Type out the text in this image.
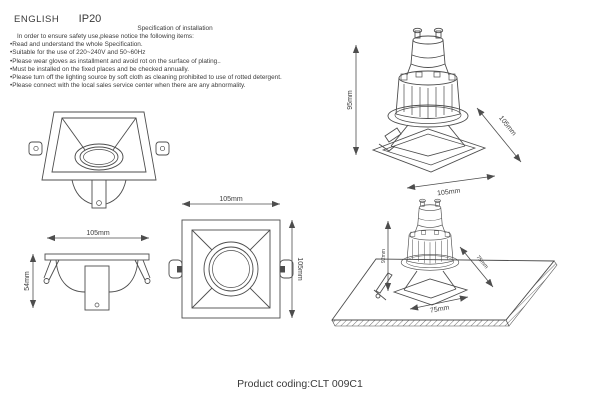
ENGLISH IP20
Specification of installation
In order to ensure safety use,please notice the following items:
•Read and understand the whole Specification.
•Suitable for the use of 220~240V and 50~60Hz
•Please wear gloves as installment and avoid rot on the surface of plating..
•Must be installed on the fixed places and be checked annually.
•Please turn off the lighting source by soft cloth as cleaning prohibited to use of rotted detergent.
•Please connect with the local sales service center when there are any abnormality.
105mm
54mm
105mm
105mm
95mm
105mm
105mm
92mm	75mm
75mm
Product coding:CLT 009C1
